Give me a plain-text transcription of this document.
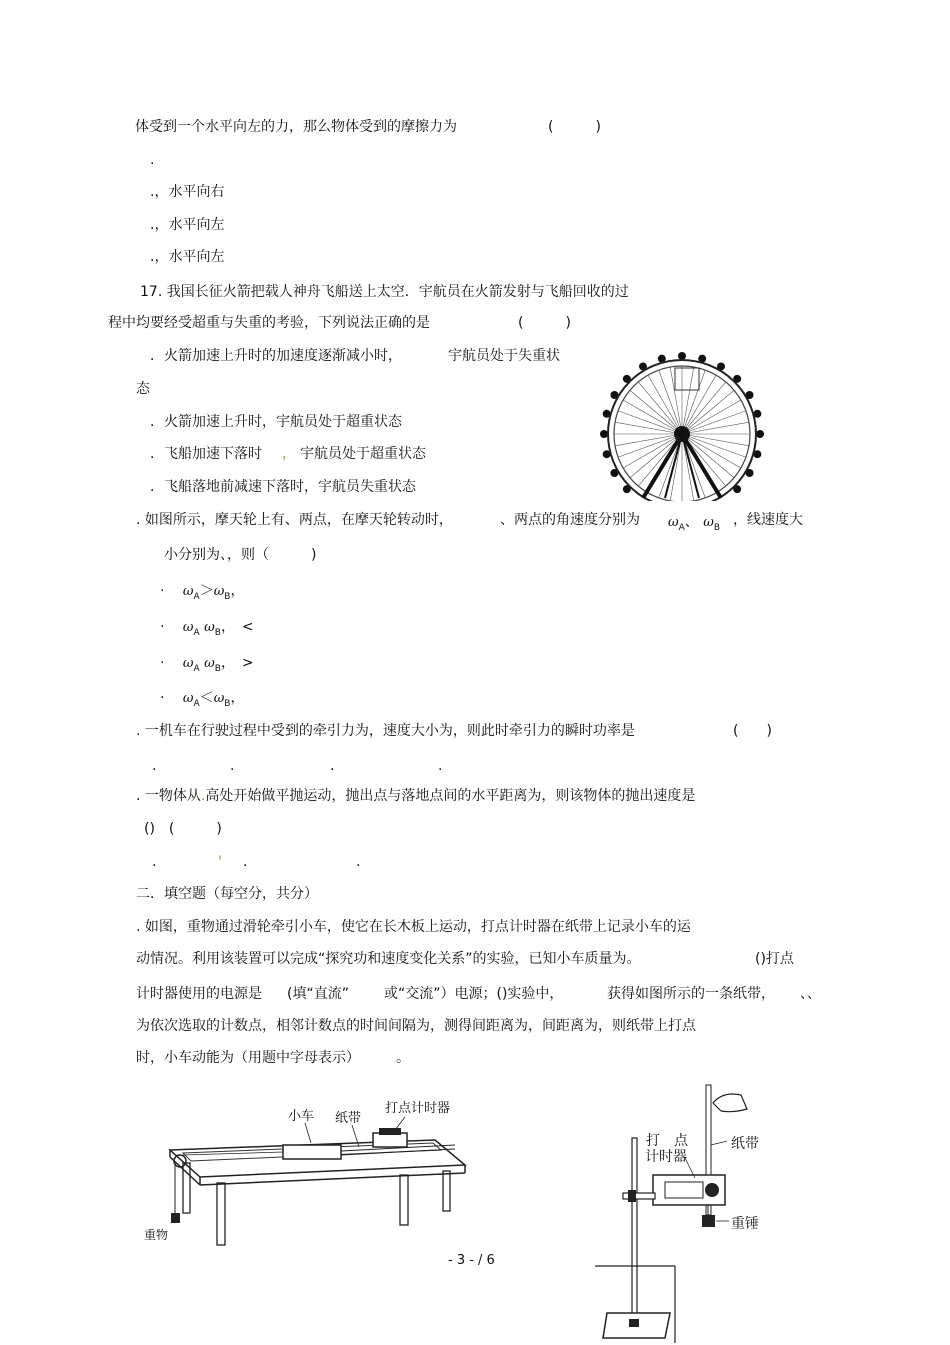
体受到一个水平向左的力，那么物体受到的摩擦力为	(　　　)
.
.，水平向右
.，水平向左
.，水平向左
17. 我国长征火箭把载人神舟飞船送上太空．宇航员在火箭发射与飞船回收的过
程中均要经受超重与失重的考验，下列说法正确的是	(　　　)
．火箭加速上升时的加速度逐渐减小时，	宇航员处于失重状
态
．火箭加速上升时，宇航员处于超重状态
．飞船加速下落时 ， 宇航员处于超重状态
．飞船落地前减速下落时，宇航员失重状态
. 如图所示，摩天轮上有、两点，在摩天轮转动时，	、两点的角速度分别为 $\omega_A$、 $\omega_B$ ，线速度大
小分别为、，则（　　　)
·　 $\omega_A>\omega_B$，
·　 $\omega_A$ $\omega_B$，　<
·　 $\omega_A$ $\omega_B$，　>
·　 $\omega_A<\omega_B$，
. 一机车在行驶过程中受到的牵引力为，速度大小为，则此时牵引力的瞬时功率是	(　　)
.	.	.	.
. 一物体从.高处开始做平抛运动，抛出点与落地点间的水平距离为，则该物体的抛出速度是
()　(　　　)
.	' .	.
二．填空题（每空分，共分）
. 如图，重物通过滑轮牵引小车，使它在长木板上运动，打点计时器在纸带上记录小车的运
动情况。利用该装置可以完成“探究功和速度变化关系”的实验，已知小车质量为。	()打点
计时器使用的电源是 (填“直流”	或“交流”）电源；()实验中，	获得如图所示的一条纸带， 、、
为依次选取的计数点，相邻计数点的时间间隔为，测得间距离为，间距离为，则纸带上打点
时，小车动能为（用题中字母表示）	。
小车 纸带
打点计时器
重物
打　点
计时器
纸带
重锤
- 3 - / 6
